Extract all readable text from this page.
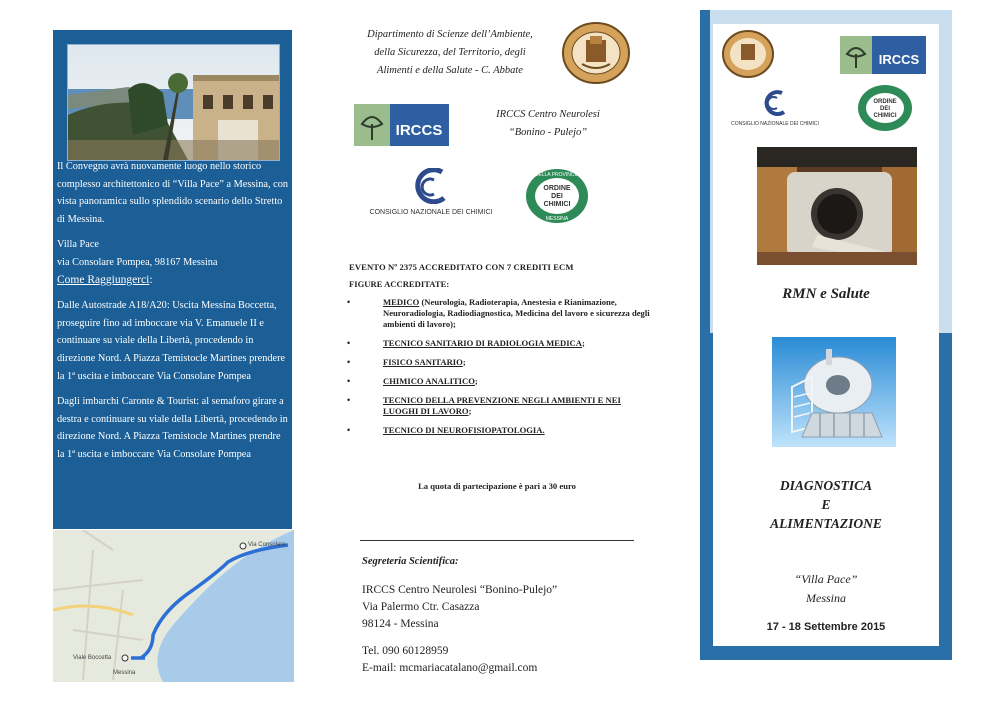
Il Convegno avrà nuovamente luogo nello storico complesso architettonico di “Villa Pace” a Messina, con vista panoramica sullo splendido scenario dello Stretto di Messina.

Villa Pace

via Consolare Pompea, 98167 Messina

Come Raggiungerci:

Dalle Autostrade A18/A20: Uscita Messina Boccetta, proseguire fino ad imboccare via V. Emanuele II e continuare su viale della Libertà, procedendo in direzione Nord. A Piazza Temistocle Martines prendere la 1ª uscita e imboccare Via Consolare Pompea

Dagli imbarchi Caronte & Tourist: al semaforo girare a destra e continuare su viale della Libertà, procedendo in direzione Nord. A Piazza Temistocle Martines prendre la 1ª uscita e imboccare Via Consolare Pompea

Via Consolare
Viale Boccetta
Messina
Dipartimento di Scienze dell’Ambiente,
della Sicurezza, del Territorio, degli
Alimenti e della Salute - C. Abbate
IRCCS
IRCCS Centro Neurolesi
“Bonino - Pulejo”
CONSIGLIO NAZIONALE DEI CHIMICI
DELLA PROVINCIA
ORDINE
DEI
CHIMICI
MESSINA
EVENTO Nº 2375 ACCREDITATO CON 7 CREDITI ECM
FIGURE ACCREDITATE:
•	MEDICO (Neurologia, Radioterapia, Anestesia e Rianimazione, Neuroradiologia, Radiodiagnostica, Medicina del lavoro e sicurezza degli ambienti di lavoro);
•	TECNICO SANITARIO DI RADIOLOGIA MEDICA;
•	FISICO SANITARIO;
•	CHIMICO ANALITICO;
•	TECNICO DELLA PREVENZIONE NEGLI AMBIENTI E NEI LUOGHI DI LAVORO;
•	TECNICO DI NEUROFISIOPATOLOGIA.
La quota di partecipazione è pari a 30 euro
Segreteria Scientifica:
IRCCS Centro Neurolesi “Bonino-Pulejo”
Via Palermo Ctr. Casazza
98124 - Messina
Tel. 090 60128959
E-mail: mcmariacatalano@gmail.com
IRCCS
CONSIGLIO NAZIONALE DEI CHIMICI
ORDINE
DEI
CHIMICI
RMN e Salute
DIAGNOSTICA
E
ALIMENTAZIONE
“Villa Pace”
Messina
17 - 18 Settembre 2015
